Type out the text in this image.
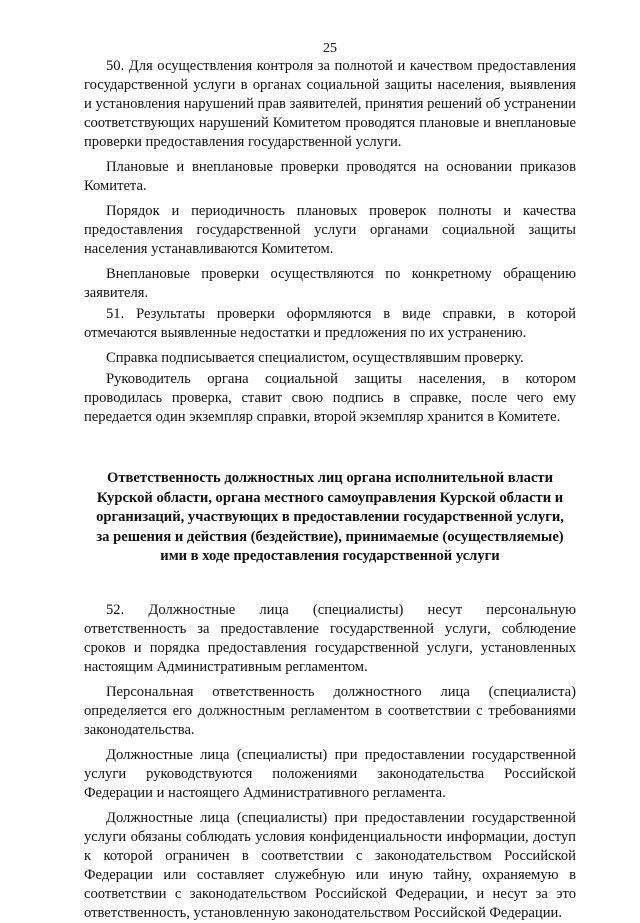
25

50. Для осуществления контроля за полнотой и качеством предоставления государственной услуги в органах социальной защиты населения, выявления и установления нарушений прав заявителей, принятия решений об устранении соответствующих нарушений Комитетом проводятся плановые и внеплановые проверки предоставления государственной услуги.

Плановые и внеплановые проверки проводятся на основании приказов Комитета.

Порядок и периодичность плановых проверок полноты и качества предоставления государственной услуги органами социальной защиты населения устанавливаются Комитетом.

Внеплановые проверки осуществляются по конкретному обращению заявителя.

51. Результаты проверки оформляются в виде справки, в которой отмечаются выявленные недостатки и предложения по их устранению.

Справка подписывается специалистом, осуществлявшим проверку.

Руководитель органа социальной защиты населения, в котором проводилась проверка, ставит свою подпись в справке, после чего ему передается один экземпляр справки, второй экземпляр хранится в Комитете.

Ответственность должностных лиц органа исполнительной власти Курской области, органа местного самоуправления Курской области и организаций, участвующих в предоставлении государственной услуги, за решения и действия (бездействие), принимаемые (осуществляемые) ими в ходе предоставления государственной услуги

52. Должностные лица (специалисты) несут персональную ответственность за предоставление государственной услуги, соблюдение сроков и порядка предоставления государственной услуги, установленных настоящим Административным регламентом.

Персональная ответственность должностного лица (специалиста) определяется его должностным регламентом в соответствии с требованиями законодательства.

Должностные лица (специалисты) при предоставлении государственной услуги руководствуются положениями законодательства Российской Федерации и настоящего Административного регламента.

Должностные лица (специалисты) при предоставлении государственной услуги обязаны соблюдать условия конфиденциальности информации, доступ к которой ограничен в соответствии с законодательством Российской Федерации или составляет служебную или иную тайну, охраняемую в соответствии с законодательством Российской Федерации, и несут за это ответственность, установленную законодательством Российской Федерации.
